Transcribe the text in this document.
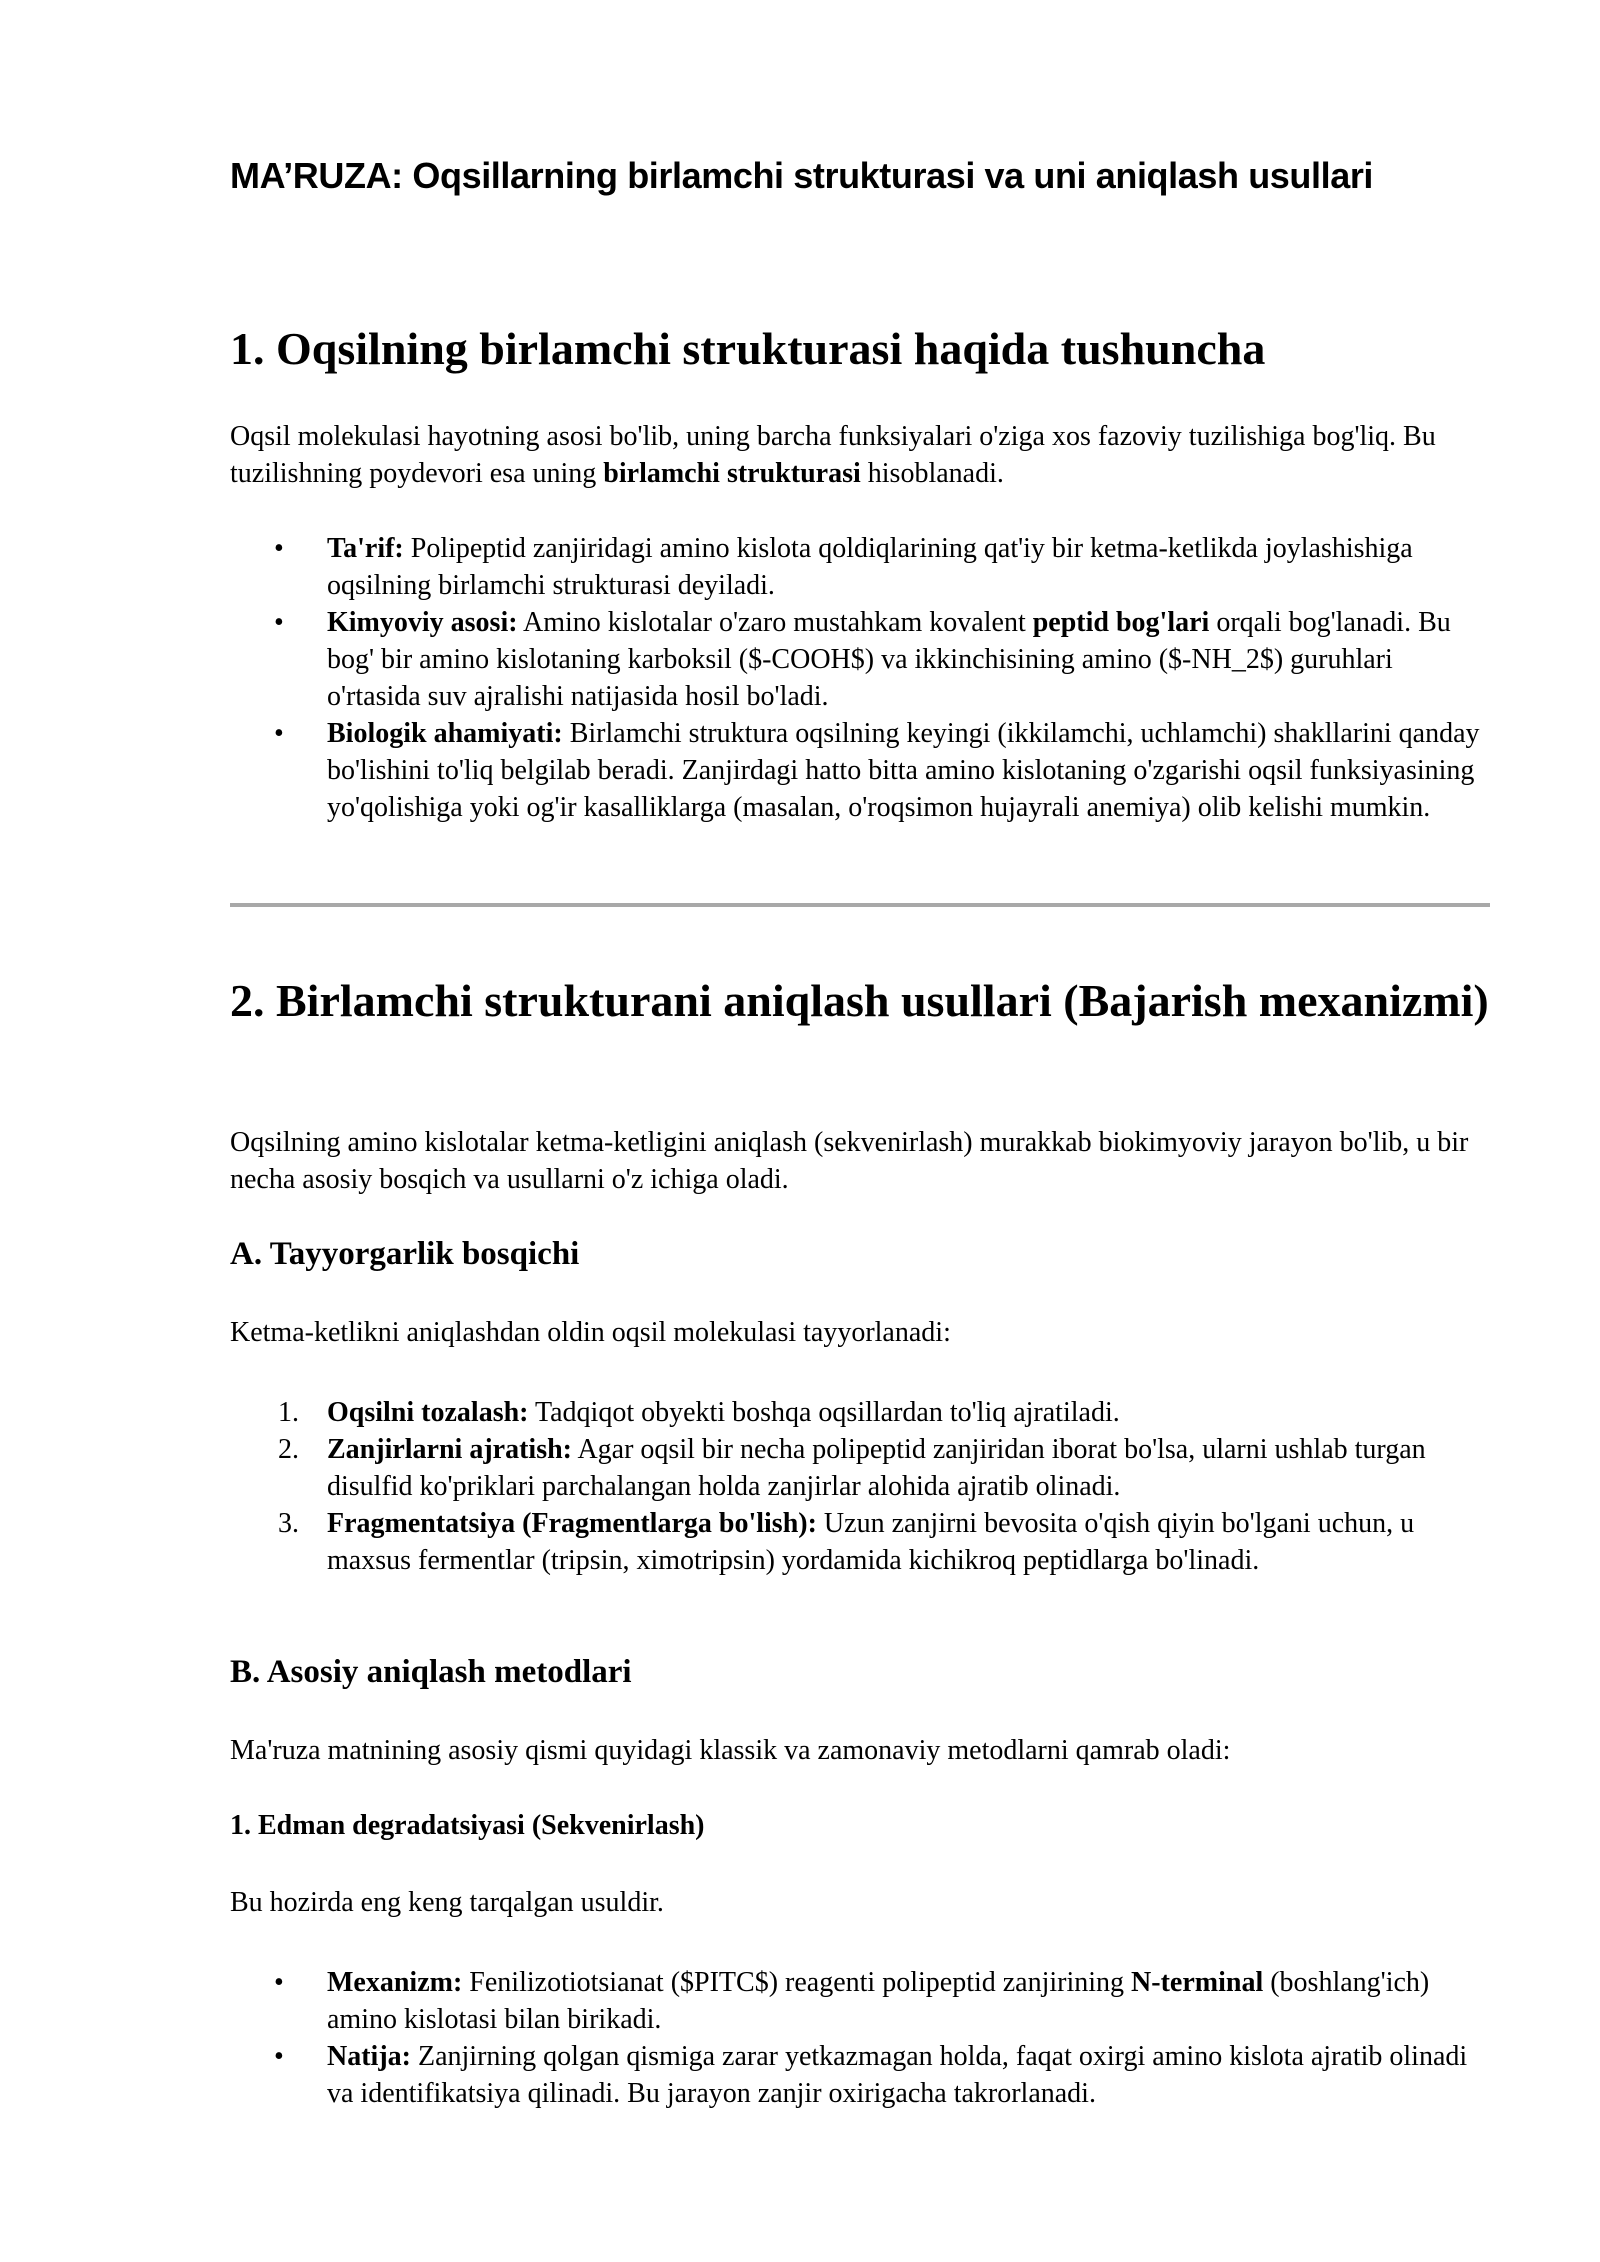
MA’RUZA: Oqsillarning birlamchi strukturasi va uni aniqlash usullari
1. Oqsilning birlamchi strukturasi haqida tushuncha

Oqsil molekulasi hayotning asosi bo'lib, uning barcha funksiyalari o'ziga xos fazoviy tuzilishiga bog'liq. Bu tuzilishning poydevori esa uning birlamchi strukturasi hisoblanadi.

• Ta'rif: Polipeptid zanjiridagi amino kislota qoldiqlarining qat'iy bir ketma-ketlikda joylashishiga oqsilning birlamchi strukturasi deyiladi.
• Kimyoviy asosi: Amino kislotalar o'zaro mustahkam kovalent peptid bog'lari orqali bog'lanadi. Bu bog' bir amino kislotaning karboksil ($-COOH$) va ikkinchisining amino ($-NH_2$) guruhlari o'rtasida suv ajralishi natijasida hosil bo'ladi.
• Biologik ahamiyati: Birlamchi struktura oqsilning keyingi (ikkilamchi, uchlamchi) shakllarini qanday bo'lishini to'liq belgilab beradi. Zanjirdagi hatto bitta amino kislotaning o'zgarishi oqsil funksiyasining yo'qolishiga yoki og'ir kasalliklarga (masalan, o'roqsimon hujayrali anemiya) olib kelishi mumkin.
2. Birlamchi strukturani aniqlash usullari (Bajarish mexanizmi)

Oqsilning amino kislotalar ketma-ketligini aniqlash (sekvenirlash) murakkab biokimyoviy jarayon bo'lib, u bir necha asosiy bosqich va usullarni o'z ichiga oladi.

A. Tayyorgarlik bosqichi

Ketma-ketlikni aniqlashdan oldin oqsil molekulasi tayyorlanadi:

1. Oqsilni tozalash: Tadqiqot obyekti boshqa oqsillardan to'liq ajratiladi.
2. Zanjirlarni ajratish: Agar oqsil bir necha polipeptid zanjiridan iborat bo'lsa, ularni ushlab turgan disulfid ko'priklari parchalangan holda zanjirlar alohida ajratib olinadi.
3. Fragmentatsiya (Fragmentlarga bo'lish): Uzun zanjirni bevosita o'qish qiyin bo'lgani uchun, u maxsus fermentlar (tripsin, ximotripsin) yordamida kichikroq peptidlarga bo'linadi.
B. Asosiy aniqlash metodlari

Ma'ruza matnining asosiy qismi quyidagi klassik va zamonaviy metodlarni qamrab oladi:

1. Edman degradatsiyasi (Sekvenirlash)

Bu hozirda eng keng tarqalgan usuldir.

• Mexanizm: Fenilizotiotsianat ($PITC$) reagenti polipeptid zanjirining N-terminal (boshlang'ich) amino kislotasi bilan birikadi.
• Natija: Zanjirning qolgan qismiga zarar yetkazmagan holda, faqat oxirgi amino kislota ajratib olinadi va identifikatsiya qilinadi. Bu jarayon zanjir oxirigacha takrorlanadi.
